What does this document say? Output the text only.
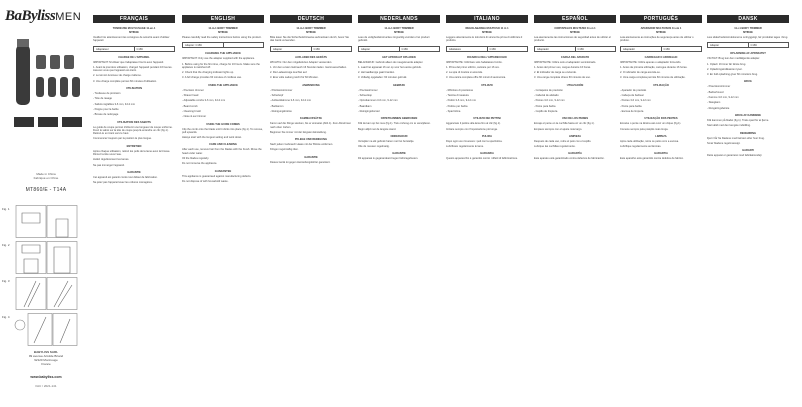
BaBylissMEN
Made in China
Fabriqué en Chine
MT860/E - T14A
Fig. 1
Fig. 2
Fig. 3
Fig. 4
BABYLISS SARL
99 avenue Aristide Briand
92120 Montrouge
France
www.babyliss.com
FAC / 2021-141
FRANÇAIS
TONDEUSE MULTI-USAGE 11-en-1
MT861E
Veuillez lire attentivement les consignes de sécurité avant d'utiliser l'appareil.
Adaptateur	C169
CHARGE DE L'APPAREIL
IMPORTANT: N'utilisez que l'adaptateur fourni avec l'appareil.
1. Avant la première utilisation, chargez l'appareil pendant 16 heures. Assurez-vous que l'appareil est éteint.
2. Le témoin lumineux de charge s'allume.
3. Une charge complète permet 60 minutes d'utilisation.
UTILISATION
- Tondeuse de précision
- Tête de rasage
- Sabots réglables 3-6 mm, 9-12 mm
- Peigne pour la barbe
- Brosse de nettoyage
UTILISATION DES SABOTS
Le guide de coupe permet d'obtenir une longueur de coupe uniforme. Fixez le sabot sur la tête de coupe jusqu'à entendre un clic (fig.1). Retirez-le en tirant vers le haut.
Commencez toujours par la position la plus longue.
ENTRETIEN
Après chaque utilisation, retirez les poils de la lame avec la brosse. Rincez la tête sous l'eau.
Huilez régulièrement les lames.
Ne pas immerger l'appareil.
GARANTIE
Cet appareil est garanti contre tout défaut de fabrication.
Ne jetez pas l'appareil avec les ordures ménagères.
ENGLISH
11-in-1 BODY TRIMMER
MT861E
Please carefully read the safety instructions before using the product.
Adapter: C169
CHARGING THE APPLIANCE
IMPORTANT: Only use the adapter supplied with the appliance.
1. Before using for the first time, charge for 16 hours. Make sure the appliance is switched off.
2. Check that the charging indicator lights up.
3. A full charge provides 60 minutes of cordless use.
USING THE APPLIANCE
- Precision trimmer
- Shaver head
- Adjustable combs 3-6 mm, 9-12 mm
- Beard comb
- Cleaning brush
- Nose & ear trimmer
USING THE GUIDE COMBS
Clip the comb onto the blade until it clicks into place (fig.1). To remove, pull upwards.
Always start with the longest setting and work down.
CARE AND CLEANING
After each use, remove hair from the blades with the brush. Rinse the head under water.
Oil the blades regularly.
Do not immerse the appliance.
GUARANTEE
This appliance is guaranteed against manufacturing defects.
Do not dispose of with household waste.
DEUTSCH
11-in-1 BODY TRIMMER
MT861E
Bitte lesen Sie die Sicherheitshinweise aufmerksam durch, bevor Sie das Gerät verwenden.
Adapter	C169
AUFLADEN DES GERÄTS
WICHTIG: Nur den mitgelieferten Adapter verwenden.
1. Vor dem ersten Gebrauch 16 Stunden laden. Gerät ausschalten.
2. Die Ladeanzeige leuchtet auf.
3. Eine volle Ladung reicht für 60 Minuten.
ANWENDUNG
- Präzisionstrimmer
- Scherkopf
- Aufsteckkämme 3-6 mm, 9-12 mm
- Bartkamm
- Reinigungsbürste
KAMMAUFSÄTZE
Kamm auf die Klinge stecken, bis er einrastet (Abb.1). Zum Abnehmen nach oben ziehen.
Beginnen Sie immer mit der längsten Einstellung.
PFLEGE UND REINIGUNG
Nach jedem Gebrauch Haare mit der Bürste entfernen.
Klingen regelmäßig ölen.
GARANTIE
Dieses Gerät ist gegen Herstellungsfehler garantiert.
NEDERLANDS
11-in-1 BODY TRIMMER
MT861E
Lees de veiligheidsinstructies zorgvuldig voordat u het product gebruikt.
Adapter	C169
HET APPARAAT OPLADEN
BELANGRIJK: Gebruik alleen de meegeleverde adapter.
1. Laad het apparaat 16 uur op voor het eerste gebruik.
2. Het laadlampje gaat branden.
3. Volledig opgeladen: 60 minuten gebruik.
GEBRUIK
- Precisietrimmer
- Scheerkop
- Opzetkammen 3-6 mm, 9-12 mm
- Baardkam
- Reinigingsborstel
OPZETKAMMEN GEBRUIKEN
Klik de kam op het mes (fig.1). Trek omhoog om te verwijderen.
Begin altijd met de langste stand.
ONDERHOUD
Verwijder na elk gebruik haren met het borsteltje.
Olie de messen regelmatig.
GARANTIE
Dit apparaat is gegarandeerd tegen fabricagefouten.
ITALIANO
REGOLABARBA MULTIUSO 11 in 1
MT861E
Leggere attentamente le istruzioni di sicurezza prima di utilizzare il prodotto.
Adattatore	C169
RICARICA DELL'APPARECCHIO
IMPORTANTE: Utilizzare solo l'adattatore fornito.
1. Prima del primo utilizzo, caricare per 16 ore.
2. La spia di ricarica si accende.
3. Una carica completa offre 60 minuti di autonomia.
UTILIZZO
- Rifinitore di precisione
- Testina di rasatura
- Pettini 3-6 mm, 9-12 mm
- Pettine per barba
- Spazzolina
UTILIZZO DEI PETTINI
Agganciare il pettine alla lama fino al clic (fig.1).
Iniziare sempre con l'impostazione più lunga.
PULIZIA
Dopo ogni uso rimuovere i peli con la spazzolina.
Lubrificare regolarmente le lame.
GARANZIA
Questo apparecchio è garantito contro i difetti di fabbricazione.
ESPAÑOL
CORTAPELOS MULTIUSO 11 en 1
MT861E
Lea atentamente las instrucciones de seguridad antes de utilizar el producto.
Adaptador	C169
CARGA DEL APARATO
IMPORTANTE: Utilice solo el adaptador suministrado.
1. Antes del primer uso, cargue durante 16 horas.
2. El indicador de carga se enciende.
3. Una carga completa ofrece 60 minutos de uso.
UTILIZACIÓN
- Cortapelos de precisión
- Cabezal de afeitado
- Peines 3-6 mm, 9-12 mm
- Peine para barba
- Cepillo de limpieza
USO DE LOS PEINES
Encaje el peine en la cuchilla hasta oír un clic (fig.1).
Empiece siempre con el ajuste más largo.
LIMPIEZA
Después de cada uso, retire el pelo con el cepillo.
Lubrique las cuchillas regularmente.
GARANTÍA
Este aparato está garantizado contra defectos de fabricación.
PORTUGUÊS
APARADOR MULTIUSOS 11 em 1
MT861E
Leia atentamente as instruções de segurança antes de utilizar o produto.
Adaptador	C169
CARREGAR O APARELHO
IMPORTANTE: Utilize apenas o adaptador fornecido.
1. Antes da primeira utilização, carregue durante 16 horas.
2. O indicador de carga acende-se.
3. Uma carga completa permite 60 minutos de utilização.
UTILIZAÇÃO
- Aparador de precisão
- Cabeça de barbear
- Pentes 3-6 mm, 9-12 mm
- Pente para barba
- Escova de limpeza
UTILIZAÇÃO DOS PENTES
Encaixe o pente na lâmina até ouvir um clique (fig.1).
Comece sempre pela posição mais longa.
LIMPEZA
Após cada utilização, retire os pelos com a escova.
Lubrifique regularmente as lâminas.
GARANTIA
Este aparelho está garantido contra defeitos de fabrico.
DANSK
11-i-1 BODY TRIMMER
MT861E
Læs sikkerhedsinstruktionerne omhyggeligt, før produktet tages i brug.
Adapter	C169
OPLADNING AF APPARATET
VIGTIGT: Brug kun den medfølgende adapter.
1. Oplad i 16 timer før første brug.
2. Opladningsindikatoren lyser.
3. En fuld opladning giver 60 minutters brug.
BRUG
- Præcisionstrimmer
- Barberhoved
- Kamme 3-6 mm, 9-12 mm
- Skægkam
- Rengøringsbørste
BRUG AF KAMMENE
Klik kammen på bladet (fig.1). Træk opad for at fjerne.
Start altid med den længste indstilling.
RENGØRING
Fjern hår fra bladene med børsten efter hver brug.
Smør bladene regelmæssigt.
GARANTI
Dette apparat er garanteret mod fabrikationsfejl.
